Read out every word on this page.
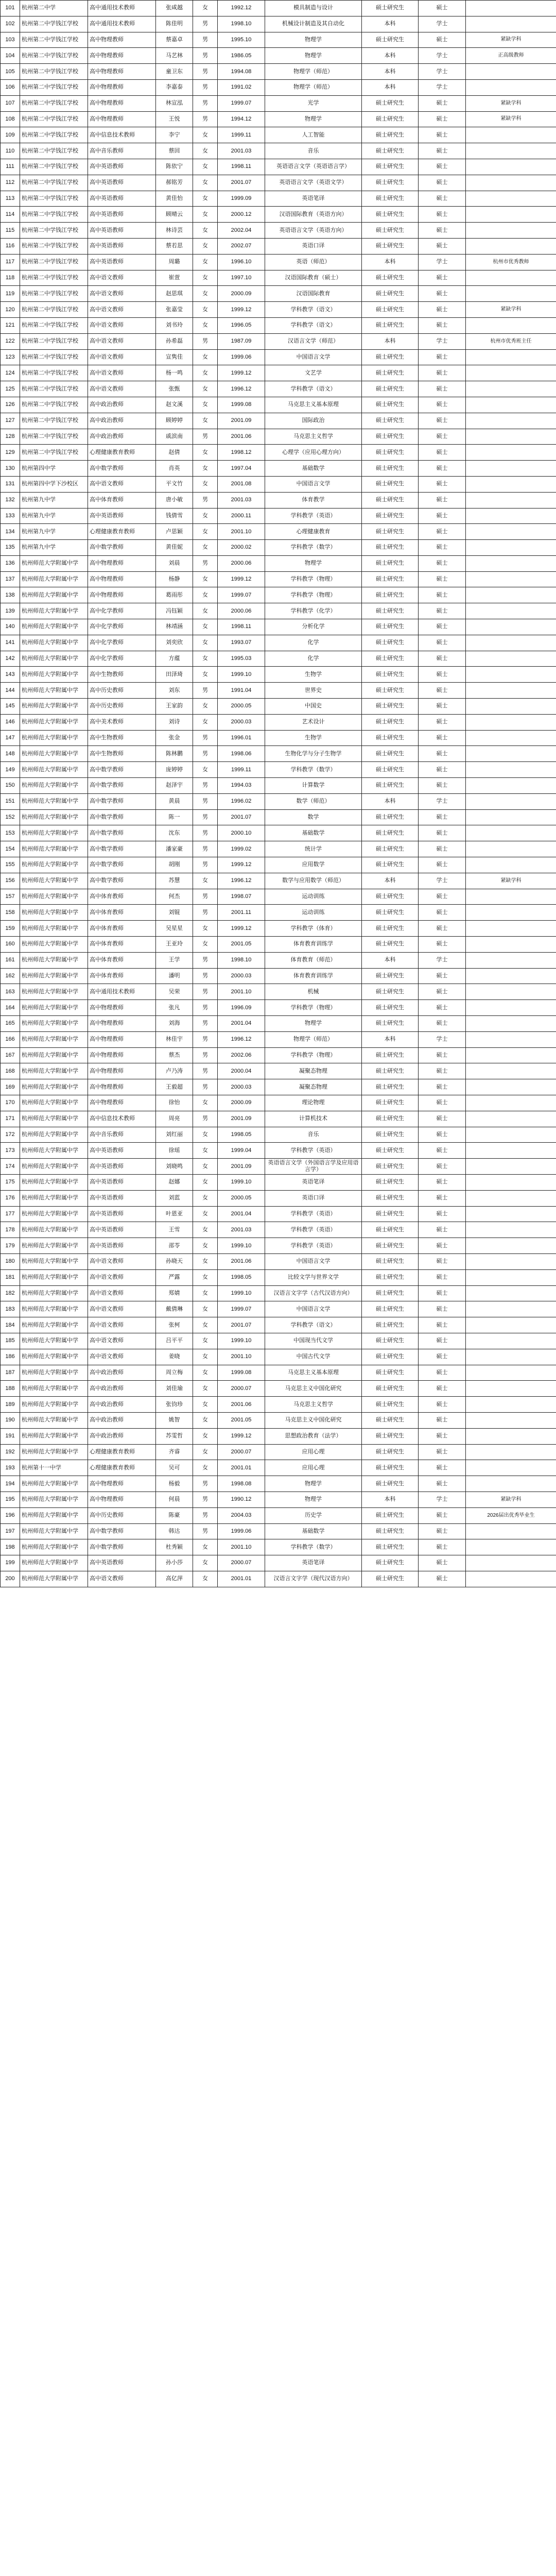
101	杭州第二中学	高中通用技术教师	张咸越	女	1992.12	模具制造与设计	硕士研究生	硕士	
102	杭州第二中学钱江学校	高中通用技术教师	陈佳明	男	1998.10	机械设计制造及其自动化	本科	学士	
103	杭州第二中学钱江学校	高中物理教师	蔡嘉卓	男	1995.10	物理学	硕士研究生	硕士	紧缺学科
104	杭州第二中学钱江学校	高中物理教师	马艺林	男	1986.05	物理学	本科	学士	正高级教师
105	杭州第二中学钱江学校	高中物理教师	童卫东	男	1994.08	物理学（师范）	本科	学士	
106	杭州第二中学钱江学校	高中物理教师	李嘉泰	男	1991.02	物理学（师范）	本科	学士	
107	杭州第二中学钱江学校	高中物理教师	林宣泓	男	1999.07	光学	硕士研究生	硕士	紧缺学科
108	杭州第二中学钱江学校	高中物理教师	王悦	男	1994.12	物理学	硕士研究生	硕士	紧缺学科
109	杭州第二中学钱江学校	高中信息技术教师	李宁	女	1999.11	人工智能	硕士研究生	硕士	
110	杭州第二中学钱江学校	高中音乐教师	蔡回	女	2001.03	音乐	硕士研究生	硕士	
111	杭州第二中学钱江学校	高中英语教师	陈依宁	女	1998.11	英语语言文学（英语语言学）	硕士研究生	硕士	
112	杭州第二中学钱江学校	高中英语教师	郝铭芳	女	2001.07	英语语言文学（英语文学）	硕士研究生	硕士	
113	杭州第二中学钱江学校	高中英语教师	黄佳怡	女	1999.09	英语笔译	硕士研究生	硕士	
114	杭州第二中学钱江学校	高中英语教师	顾晴云	女	2000.12	汉语国际教育（英语方向）	硕士研究生	硕士	
115	杭州第二中学钱江学校	高中英语教师	林诗芸	女	2002.04	英语语言文学（英语方向）	硕士研究生	硕士	
116	杭州第二中学钱江学校	高中英语教师	蔡若思	女	2002.07	英语口译	硕士研究生	硕士	
117	杭州第二中学钱江学校	高中英语教师	周璐	女	1996.10	英语（师范）	本科	学士	杭州市优秀教师
118	杭州第二中学钱江学校	高中语文教师	崔萱	女	1997.10	汉语国际教育（硕士）	硕士研究生	硕士	
119	杭州第二中学钱江学校	高中语文教师	赵思琪	女	2000.09	汉语国际教育	硕士研究生	硕士	
120	杭州第二中学钱江学校	高中语文教师	张嘉莹	女	1999.12	学科教学（语文）	硕士研究生	硕士	紧缺学科
121	杭州第二中学钱江学校	高中语文教师	刘书玲	女	1996.05	学科教学（语文）	硕士研究生	硕士	
122	杭州第二中学钱江学校	高中语文教师	孙希磊	男	1987.09	汉语言文学（师范）	本科	学士	杭州市优秀班主任
123	杭州第二中学钱江学校	高中语文教师	宣隽佳	女	1999.06	中国语言文学	硕士研究生	硕士	
124	杭州第二中学钱江学校	高中语文教师	杨一鸣	女	1999.12	文艺学	硕士研究生	硕士	
125	杭州第二中学钱江学校	高中语文教师	张甄	女	1996.12	学科教学（语文）	硕士研究生	硕士	
126	杭州第二中学钱江学校	高中政治教师	赵文溪	女	1999.08	马克思主义基本原理	硕士研究生	硕士	
127	杭州第二中学钱江学校	高中政治教师	顾婷婷	女	2001.09	国际政治	硕士研究生	硕士	
128	杭州第二中学钱江学校	高中政治教师	戚滨南	男	2001.06	马克思主义哲学	硕士研究生	硕士	
129	杭州第二中学钱江学校	心理健康教育教师	赵倩	女	1998.12	心理学（应用心理方向）	硕士研究生	硕士	
130	杭州第四中学	高中数学教师	肖英	女	1997.04	基础数学	硕士研究生	硕士	
131	杭州第四中学下沙校区	高中语文教师	平文竹	女	2001.08	中国语言文学	硕士研究生	硕士	
132	杭州第九中学	高中体育教师	唐小敏	男	2001.03	体育教学	硕士研究生	硕士	
133	杭州第九中学	高中英语教师	钱倩雪	女	2000.11	学科教学（英语）	硕士研究生	硕士	
134	杭州第九中学	心理健康教育教师	卢思颖	女	2001.10	心理健康教育	硕士研究生	硕士	
135	杭州第九中学	高中数学教师	黄佳妮	女	2000.02	学科教学（数学）	硕士研究生	硕士	
136	杭州师范大学附属中学	高中物理教师	刘晨	男	2000.06	物理学	硕士研究生	硕士	
137	杭州师范大学附属中学	高中物理教师	杨静	女	1999.12	学科教学（物理）	硕士研究生	硕士	
138	杭州师范大学附属中学	高中物理教师	葛雨彤	女	1999.07	学科教学（物理）	硕士研究生	硕士	
139	杭州师范大学附属中学	高中化学教师	冯钰颖	女	2000.06	学科教学（化学）	硕士研究生	硕士	
140	杭州师范大学附属中学	高中化学教师	林靖涵	女	1998.11	分析化学	硕士研究生	硕士	
141	杭州师范大学附属中学	高中化学教师	刘奕欣	女	1993.07	化学	硕士研究生	硕士	
142	杭州师范大学附属中学	高中化学教师	方蕴	女	1995.03	化学	硕士研究生	硕士	
143	杭州师范大学附属中学	高中生物教师	田泽琦	女	1999.10	生物学	硕士研究生	硕士	
144	杭州师范大学附属中学	高中历史教师	刘东	男	1991.04	世界史	硕士研究生	硕士	
145	杭州师范大学附属中学	高中历史教师	王家韵	女	2000.05	中国史	硕士研究生	硕士	
146	杭州师范大学附属中学	高中美术教师	刘诗	女	2000.03	艺术设计	硕士研究生	硕士	
147	杭州师范大学附属中学	高中生物教师	张金	男	1996.01	生物学	硕士研究生	硕士	
148	杭州师范大学附属中学	高中生物教师	陈林鹏	男	1998.06	生物化学与分子生物学	硕士研究生	硕士	
149	杭州师范大学附属中学	高中数学教师	庞婷婷	女	1999.11	学科教学（数学）	硕士研究生	硕士	
150	杭州师范大学附属中学	高中数学教师	赵泽宇	男	1994.03	计算数学	硕士研究生	硕士	
151	杭州师范大学附属中学	高中数学教师	黄晨	男	1996.02	数学（师范）	本科	学士	
152	杭州师范大学附属中学	高中数学教师	陈一	男	2001.07	数学	硕士研究生	硕士	
153	杭州师范大学附属中学	高中数学教师	沈东	男	2000.10	基础数学	硕士研究生	硕士	
154	杭州师范大学附属中学	高中数学教师	潘家豪	男	1999.02	统计学	硕士研究生	硕士	
155	杭州师范大学附属中学	高中数学教师	胡刚	男	1999.12	应用数学	硕士研究生	硕士	
156	杭州师范大学附属中学	高中数学教师	苏慧	女	1996.12	数学与应用数学（师范）	本科	学士	紧缺学科
157	杭州师范大学附属中学	高中体育教师	何杰	男	1998.07	运动训练	硕士研究生	硕士	
158	杭州师范大学附属中学	高中体育教师	刘锟	男	2001.11	运动训练	硕士研究生	硕士	
159	杭州师范大学附属中学	高中体育教师	吴星星	女	1999.12	学科教学（体育）	硕士研究生	硕士	
160	杭州师范大学附属中学	高中体育教师	王亚玲	女	2001.05	体育教育训练学	硕士研究生	硕士	
161	杭州师范大学附属中学	高中体育教师	王学	男	1998.10	体育教育（师范）	本科	学士	
162	杭州师范大学附属中学	高中体育教师	潘明	男	2000.03	体育教育训练学	硕士研究生	硕士	
163	杭州师范大学附属中学	高中通用技术教师	吴荣	男	2001.10	机械	硕士研究生	硕士	
164	杭州师范大学附属中学	高中物理教师	张凡	男	1996.09	学科教学（物理）	硕士研究生	硕士	
165	杭州师范大学附属中学	高中物理教师	刘海	男	2001.04	物理学	硕士研究生	硕士	
166	杭州师范大学附属中学	高中物理教师	林佳宇	男	1996.12	物理学（师范）	本科	学士	
167	杭州师范大学附属中学	高中物理教师	蔡杰	男	2002.06	学科教学（物理）	硕士研究生	硕士	
168	杭州师范大学附属中学	高中物理教师	卢乃涛	男	2000.04	凝聚态物理	硕士研究生	硕士	
169	杭州师范大学附属中学	高中物理教师	王毅超	男	2000.03	凝聚态物理	硕士研究生	硕士	
170	杭州师范大学附属中学	高中物理教师	徐怡	女	2000.09	理论物理	硕士研究生	硕士	
171	杭州师范大学附属中学	高中信息技术教师	周亮	男	2001.09	计算机技术	硕士研究生	硕士	
172	杭州师范大学附属中学	高中音乐教师	刘红丽	女	1998.05	音乐	硕士研究生	硕士	
173	杭州师范大学附属中学	高中英语教师	徐瑶	女	1999.04	学科教学（英语）	硕士研究生	硕士	
174	杭州师范大学附属中学	高中英语教师	刘晓鸣	女	2001.09	英语语言文学（外国语言学及应用语言学）	硕士研究生	硕士	
175	杭州师范大学附属中学	高中英语教师	赵娜	女	1999.10	英语笔译	硕士研究生	硕士	
176	杭州师范大学附属中学	高中英语教师	刘蓝	女	2000.05	英语口译	硕士研究生	硕士	
177	杭州师范大学附属中学	高中英语教师	叶恩亚	女	2001.04	学科教学（英语）	硕士研究生	硕士	
178	杭州师范大学附属中学	高中英语教师	王雪	女	2001.03	学科教学（英语）	硕士研究生	硕士	
179	杭州师范大学附属中学	高中英语教师	邵苓	女	1999.10	学科教学（英语）	硕士研究生	硕士	
180	杭州师范大学附属中学	高中语文教师	孙晓天	女	2001.06	中国语言文学	硕士研究生	硕士	
181	杭州师范大学附属中学	高中语文教师	严露	女	1998.05	比较文学与世界文学	硕士研究生	硕士	
182	杭州师范大学附属中学	高中语文教师	郑婧	女	1999.10	汉语言文字学（古代汉语方向）	硕士研究生	硕士	
183	杭州师范大学附属中学	高中语文教师	戴倩琳	女	1999.07	中国语言文学	硕士研究生	硕士	
184	杭州师范大学附属中学	高中语文教师	张柯	女	2001.07	学科教学（语文）	硕士研究生	硕士	
185	杭州师范大学附属中学	高中语文教师	吕平平	女	1999.10	中国现当代文学	硕士研究生	硕士	
186	杭州师范大学附属中学	高中语文教师	姜晓	女	2001.10	中国古代文学	硕士研究生	硕士	
187	杭州师范大学附属中学	高中政治教师	周立梅	女	1999.08	马克思主义基本原理	硕士研究生	硕士	
188	杭州师范大学附属中学	高中政治教师	刘佳瑜	女	2000.07	马克思主义中国化研究	硕士研究生	硕士	
189	杭州师范大学附属中学	高中政治教师	张钧珍	女	2001.06	马克思主义哲学	硕士研究生	硕士	
190	杭州师范大学附属中学	高中政治教师	姚智	女	2001.05	马克思主义中国化研究	硕士研究生	硕士	
191	杭州师范大学附属中学	高中政治教师	苏雯哲	女	1999.12	思想政治教育（法学）	硕士研究生	硕士	
192	杭州师范大学附属中学	心理健康教育教师	齐睿	女	2000.07	应用心理	硕士研究生	硕士	
193	杭州第十一中学	心理健康教育教师	吴可	女	2001.01	应用心理	硕士研究生	硕士	
194	杭州师范大学附属中学	高中物理教师	杨毅	男	1998.08	物理学	硕士研究生	硕士	
195	杭州师范大学附属中学	高中物理教师	何晨	男	1990.12	物理学	本科	学士	紧缺学科
196	杭州师范大学附属中学	高中历史教师	陈豪	男	2004.03	历史学	硕士研究生	硕士	2026届出优秀毕业生
197	杭州师范大学附属中学	高中数学教师	韩达	男	1999.06	基础数学	硕士研究生	硕士	
198	杭州师范大学附属中学	高中数学教师	杜秀颖	女	2001.10	学科教学（数学）	硕士研究生	硕士	
199	杭州师范大学附属中学	高中英语教师	孙小莎	女	2000.07	英语笔译	硕士研究生	硕士	
200	杭州师范大学附属中学	高中语文教师	高亿萍	女	2001.01	汉语言文字学（现代汉语方向）	硕士研究生	硕士	
